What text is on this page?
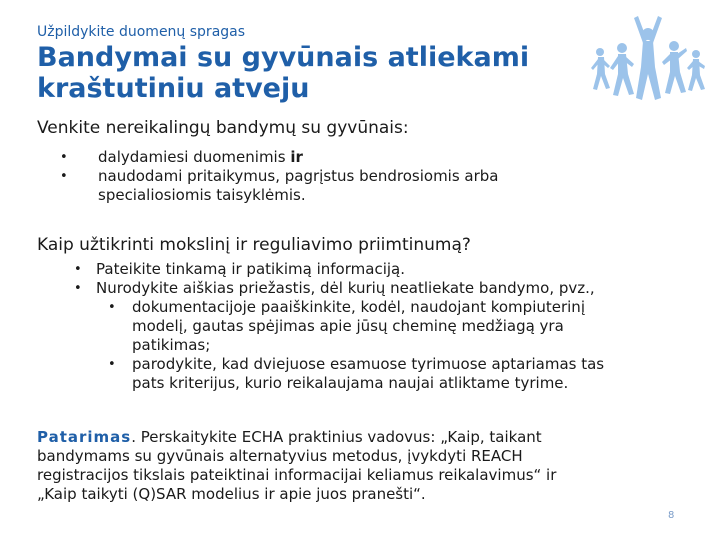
Užpildykite duomenų spragas
Bandymai su gyvūnais atliekami
kraštutiniu atveju
Venkite nereikalingų bandymų su gyvūnais:
• dalydamiesi duomenimis ir
• naudodami pritaikymus, pagrįstus bendrosiomis arba
specialiosiomis taisyklėmis.
Kaip užtikrinti mokslinį ir reguliavimo priimtinumą?
• Pateikite tinkamą ir patikimą informaciją.
• Nurodykite aiškias priežastis, dėl kurių neatliekate bandymo, pvz.,
• dokumentacijoje paaiškinkite, kodėl, naudojant kompiuterinį
modelį, gautas spėjimas apie jūsų cheminę medžiagą yra
patikimas;
• parodykite, kad dviejuose esamuose tyrimuose aptariamas tas
pats kriterijus, kurio reikalaujama naujai atliktame tyrime.
Patarimas. Perskaitykite ECHA praktinius vadovus: „Kaip, taikant
bandymams su gyvūnais alternatyvius metodus, įvykdyti REACH
registracijos tikslais pateiktinai informacijai keliamus reikalavimus“ ir
„Kaip taikyti (Q)SAR modelius ir apie juos pranešti“.
8
